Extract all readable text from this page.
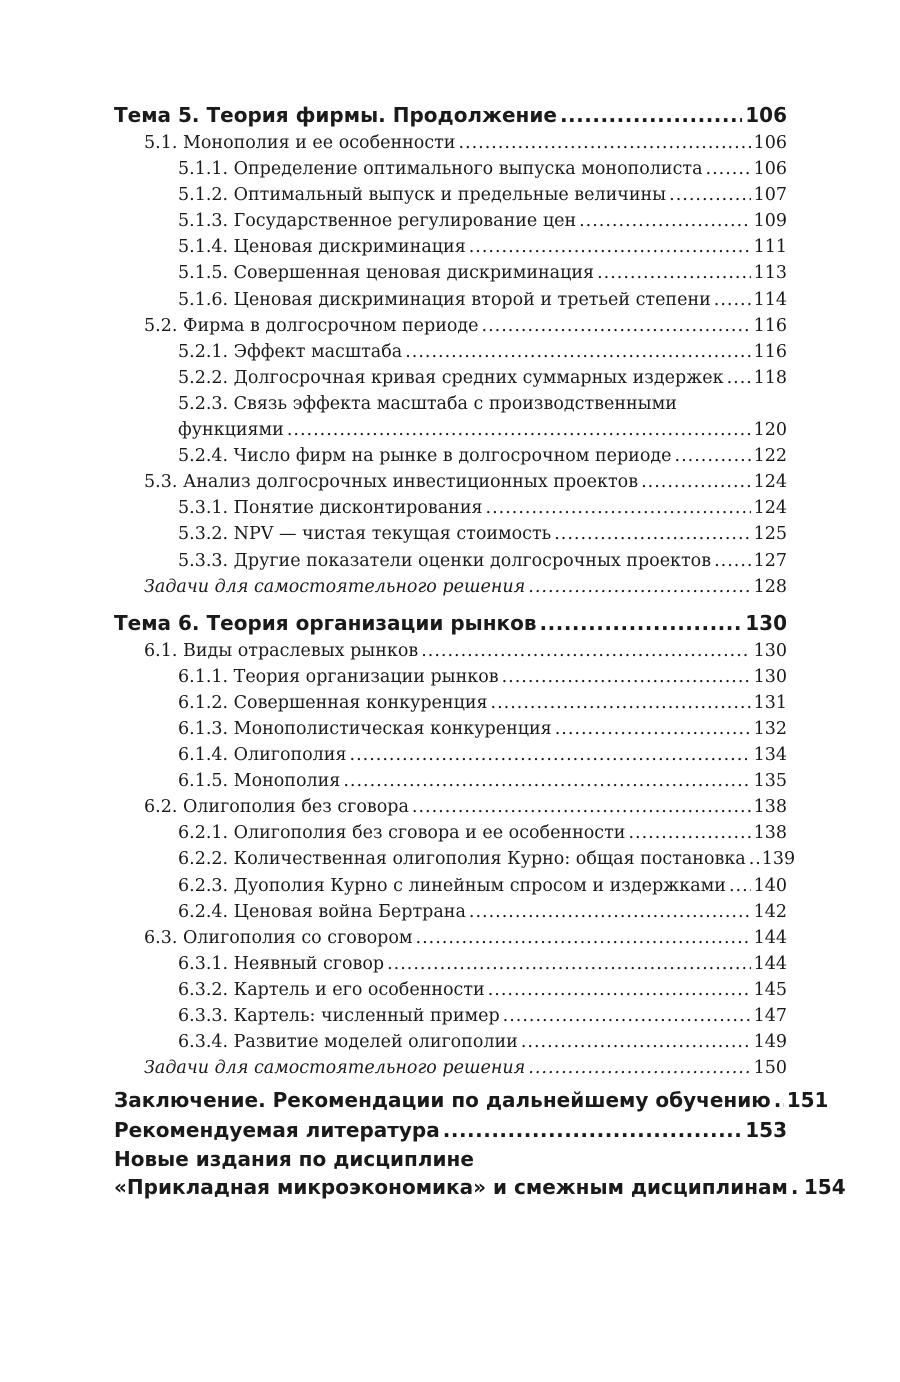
Тема 5. Теория фирмы. Продолжение .....	106
5.1. Монополия и ее особенности .....	106
5.1.1. Определение оптимального выпуска монополиста .....	106
5.1.2. Оптимальный выпуск и предельные величины .....	107
5.1.3. Государственное регулирование цен .....	109
5.1.4. Ценовая дискриминация .....	111
5.1.5. Совершенная ценовая дискриминация .....	113
5.1.6. Ценовая дискриминация второй и третьей степени ..... 114
5.2. Фирма в долгосрочном периоде .....	116
5.2.1. Эффект масштаба .....	116
5.2.2. Долгосрочная кривая средних суммарных издержек ..... 118
5.2.3. Связь эффекта масштаба с производственными
функциями .....	120
5.2.4. Число фирм на рынке в долгосрочном периоде .....	122
5.3. Анализ долгосрочных инвестиционных проектов .....	124
5.3.1. Понятие дисконтирования .....	124
5.3.2. NPV — чистая текущая стоимость .....	125
5.3.3. Другие показатели оценки долгосрочных проектов ..... 127
Задачи для самостоятельного решения .....	128
Тема 6. Теория организации рынков .....	130
6.1. Виды отраслевых рынков .....	130
6.1.1. Теория организации рынков .....	130
6.1.2. Совершенная конкуренция .....	131
6.1.3. Монополистическая конкуренция .....	132
6.1.4. Олигополия .....	134
6.1.5. Монополия .....	135
6.2. Олигополия без сговора .....	138
6.2.1. Олигополия без сговора и ее особенности .....	138
6.2.2. Количественная олигополия Курно: общая постановка ..... 139
6.2.3. Дуополия Курно с линейным спросом и издержками ..... 140
6.2.4. Ценовая война Бертрана .....	142
6.3. Олигополия со сговором .....	144
6.3.1. Неявный сговор .....	144
6.3.2. Картель и его особенности .....	145
6.3.3. Картель: численный пример .....	147
6.3.4. Развитие моделей олигополии .....	149
Задачи для самостоятельного решения .....	150
Заключение. Рекомендации по дальнейшему обучению ..... 151
Рекомендуемая литература .....	153
Новые издания по дисциплине
«Прикладная микроэкономика» и смежным дисциплинам ..... 154
